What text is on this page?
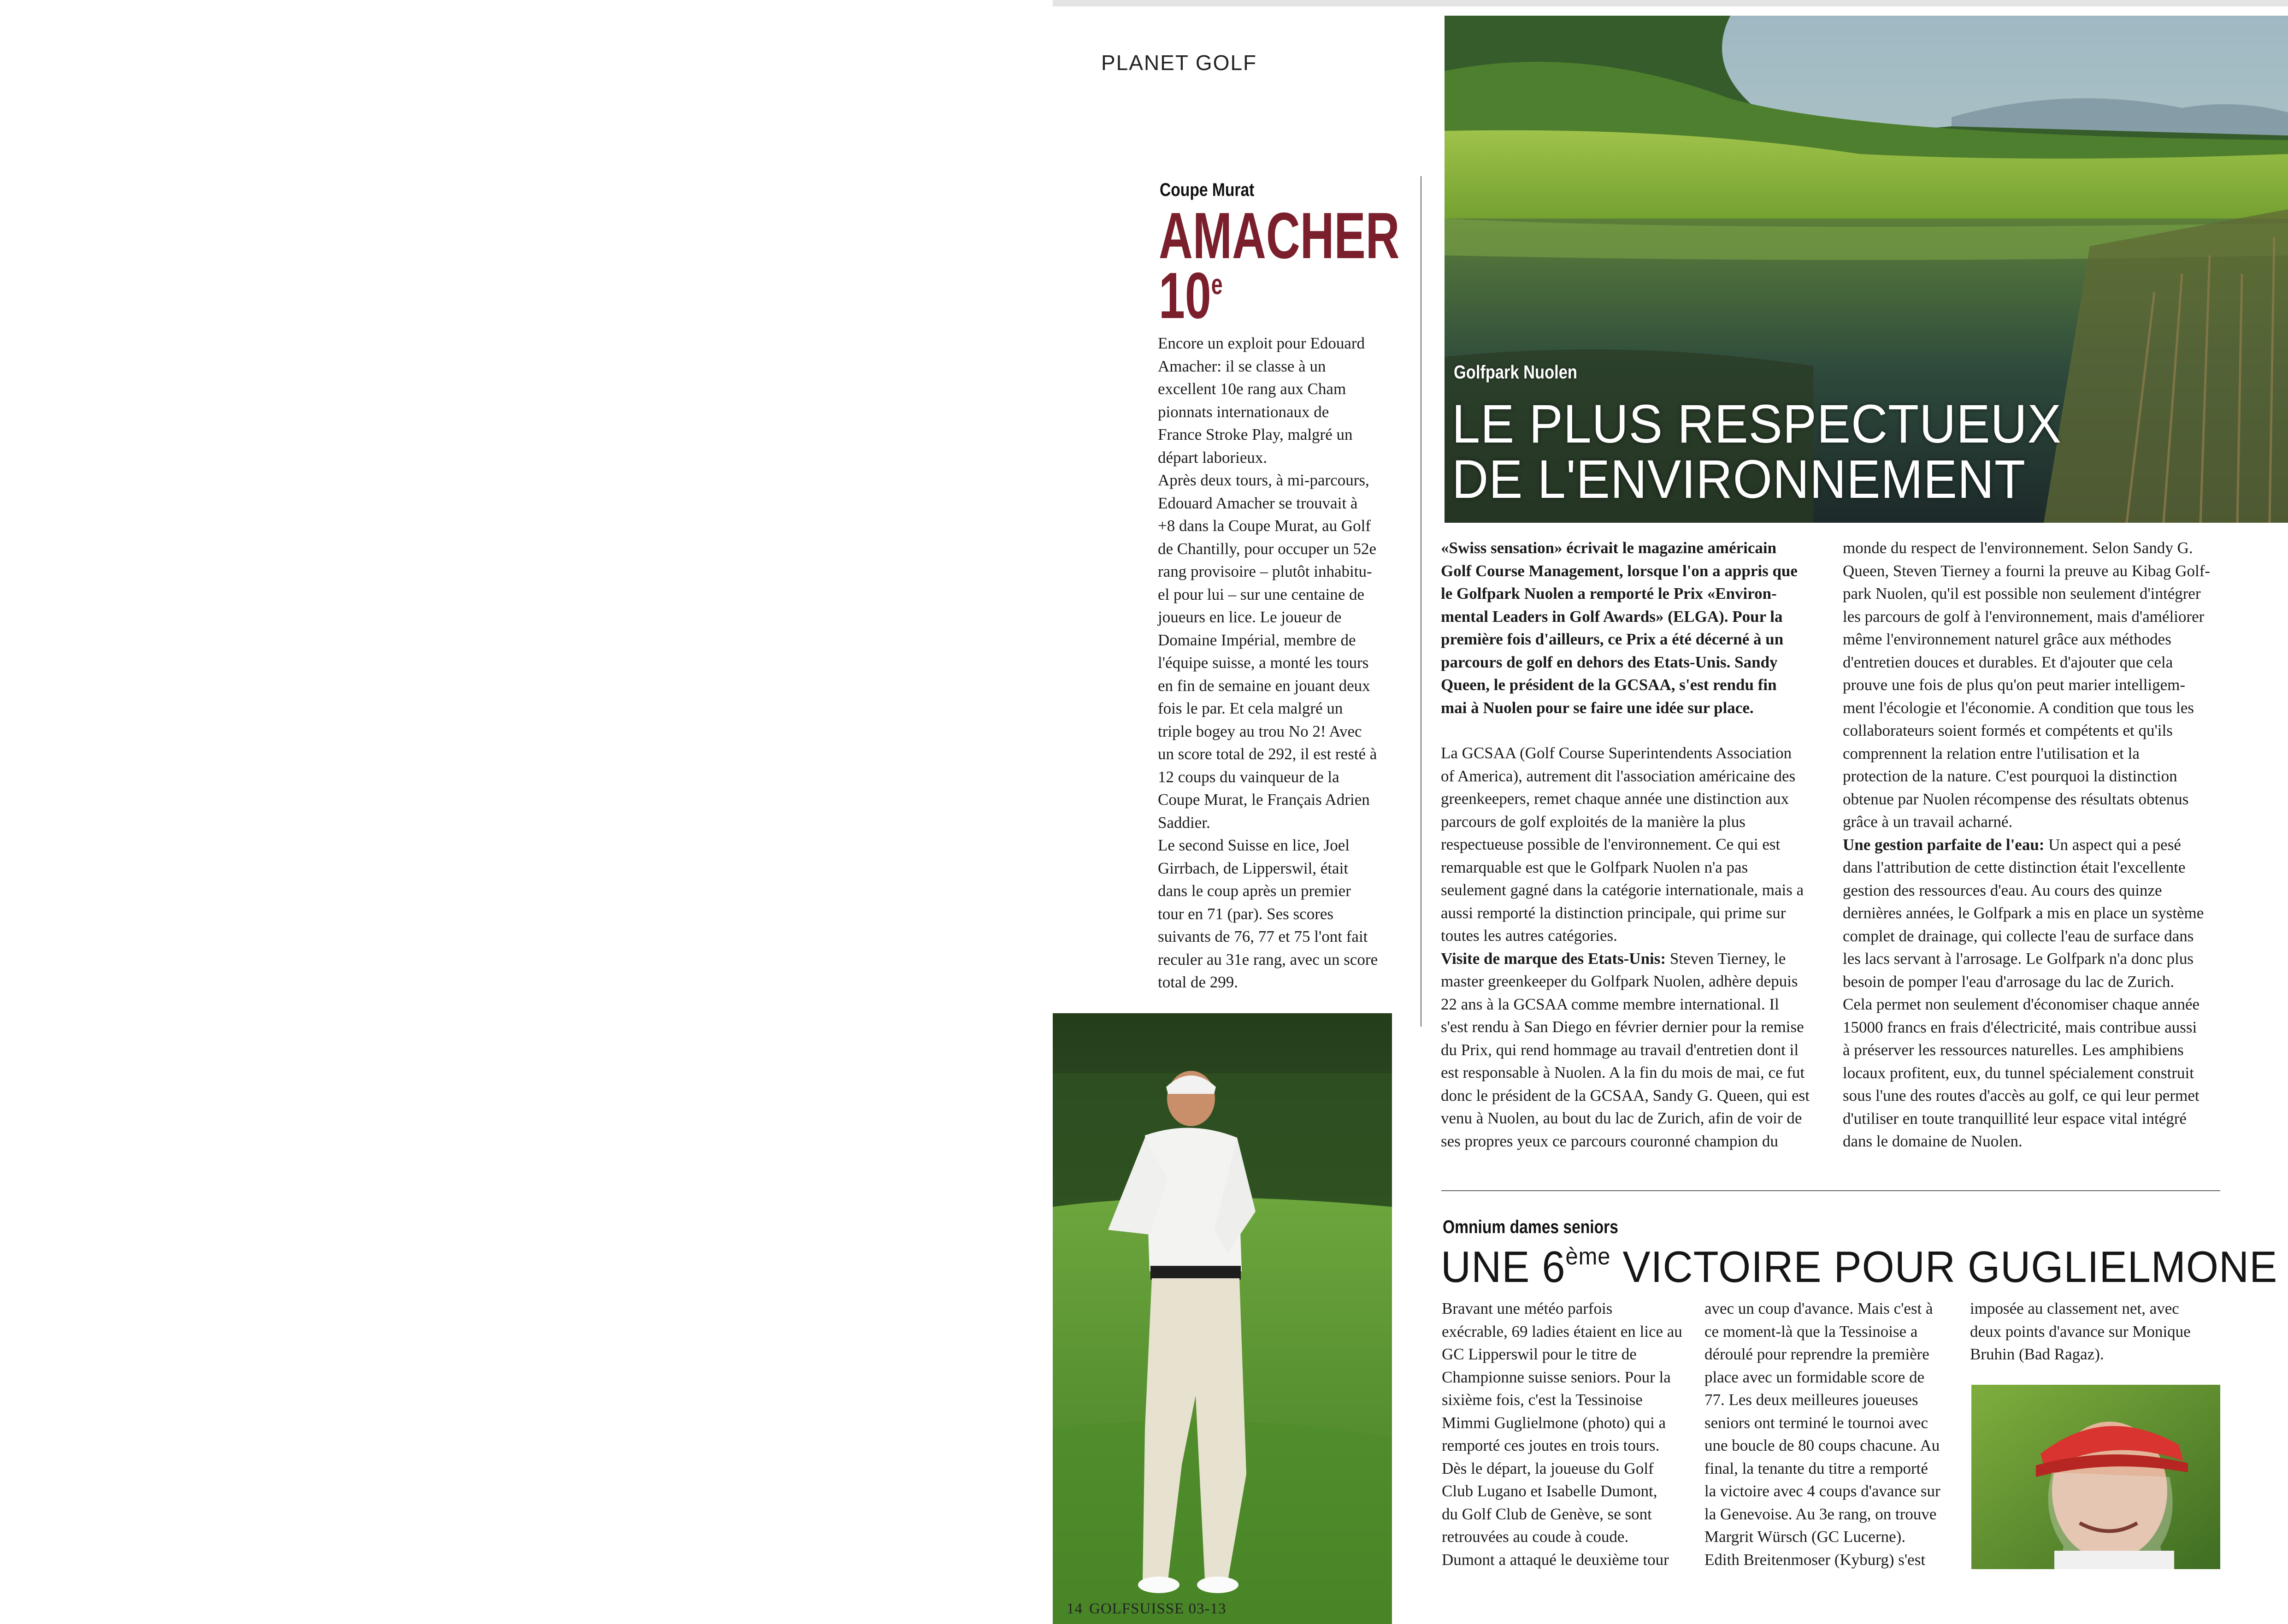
PLANET GOLF
Coupe Murat
AMACHER
10e

Encore un exploit pour Edouard

Amacher: il se classe à un

excellent 10e rang aux Cham

pionnats internationaux de

France Stroke Play, malgré un

départ laborieux.

Après deux tours, à mi-parcours,

Edouard Amacher se trouvait à

+8 dans la Coupe Murat, au Golf

de Chantilly, pour occuper un 52e

rang provisoire – plutôt inhabitu-

el pour lui – sur une centaine de

joueurs en lice. Le joueur de

Domaine Impérial, membre de

l'équipe suisse, a monté les tours

en fin de semaine en jouant deux

fois le par. Et cela malgré un

triple bogey au trou No 2! Avec

un score total de 292, il est resté à

12 coups du vainqueur de la

Coupe Murat, le Français Adrien

Saddier.

Le second Suisse en lice, Joel

Girrbach, de Lipperswil, était

dans le coup après un premier

tour en 71 (par). Ses scores

suivants de 76, 77 et 75 l'ont fait

reculer au 31e rang, avec un score

total de 299.

14 GOLFSUISSE 03-13
Golfpark Nuolen
LE PLUS RESPECTUEUX
DE L'ENVIRONNEMENT

«Swiss sensation» écrivait le magazine américain

Golf Course Management, lorsque l'on a appris que

le Golfpark Nuolen a remporté le Prix «Environ-

mental Leaders in Golf Awards» (ELGA). Pour la

première fois d'ailleurs, ce Prix a été décerné à un

parcours de golf en dehors des Etats-Unis. Sandy

Queen, le président de la GCSAA, s'est rendu fin

mai à Nuolen pour se faire une idée sur place.

La GCSAA (Golf Course Superintendents Association

of America), autrement dit l'association américaine des

greenkeepers, remet chaque année une distinction aux

parcours de golf exploités de la manière la plus

respectueuse possible de l'environnement. Ce qui est

remarquable est que le Golfpark Nuolen n'a pas

seulement gagné dans la catégorie internationale, mais a

aussi remporté la distinction principale, qui prime sur

toutes les autres catégories.

Visite de marque des Etats-Unis: Steven Tierney, le

master greenkeeper du Golfpark Nuolen, adhère depuis

22 ans à la GCSAA comme membre international. Il

s'est rendu à San Diego en février dernier pour la remise

du Prix, qui rend hommage au travail d'entretien dont il

est responsable à Nuolen. A la fin du mois de mai, ce fut

donc le président de la GCSAA, Sandy G. Queen, qui est

venu à Nuolen, au bout du lac de Zurich, afin de voir de

ses propres yeux ce parcours couronné champion du

monde du respect de l'environnement. Selon Sandy G.

Queen, Steven Tierney a fourni la preuve au Kibag Golf-

park Nuolen, qu'il est possible non seulement d'intégrer

les parcours de golf à l'environnement, mais d'améliorer

même l'environnement naturel grâce aux méthodes

d'entretien douces et durables. Et d'ajouter que cela

prouve une fois de plus qu'on peut marier intelligem-

ment l'écologie et l'économie. A condition que tous les

collaborateurs soient formés et compétents et qu'ils

comprennent la relation entre l'utilisation et la

protection de la nature. C'est pourquoi la distinction

obtenue par Nuolen récompense des résultats obtenus

grâce à un travail acharné.

Une gestion parfaite de l'eau: Un aspect qui a pesé

dans l'attribution de cette distinction était l'excellente

gestion des ressources d'eau. Au cours des quinze

dernières années, le Golfpark a mis en place un système

complet de drainage, qui collecte l'eau de surface dans

les lacs servant à l'arrosage. Le Golfpark n'a donc plus

besoin de pomper l'eau d'arrosage du lac de Zurich.

Cela permet non seulement d'économiser chaque année

15000 francs en frais d'électricité, mais contribue aussi

à préserver les ressources naturelles. Les amphibiens

locaux profitent, eux, du tunnel spécialement construit

sous l'une des routes d'accès au golf, ce qui leur permet

d'utiliser en toute tranquillité leur espace vital intégré

dans le domaine de Nuolen.

Omnium dames seniors
UNE 6ème VICTOIRE POUR GUGLIELMONE

Bravant une météo parfois

exécrable, 69 ladies étaient en lice au

GC Lipperswil pour le titre de

Championne suisse seniors. Pour la

sixième fois, c'est la Tessinoise

Mimmi Guglielmone (photo) qui a

remporté ces joutes en trois tours.

Dès le départ, la joueuse du Golf

Club Lugano et Isabelle Dumont,

du Golf Club de Genève, se sont

retrouvées au coude à coude.

Dumont a attaqué le deuxième tour

avec un coup d'avance. Mais c'est à

ce moment-là que la Tessinoise a

déroulé pour reprendre la première

place avec un formidable score de

77. Les deux meilleures joueuses

seniors ont terminé le tournoi avec

une boucle de 80 coups chacune. Au

final, la tenante du titre a remporté

la victoire avec 4 coups d'avance sur

la Genevoise. Au 3e rang, on trouve

Margrit Würsch (GC Lucerne).

Edith Breitenmoser (Kyburg) s'est

imposée au classement net, avec

deux points d'avance sur Monique

Bruhin (Bad Ragaz).
